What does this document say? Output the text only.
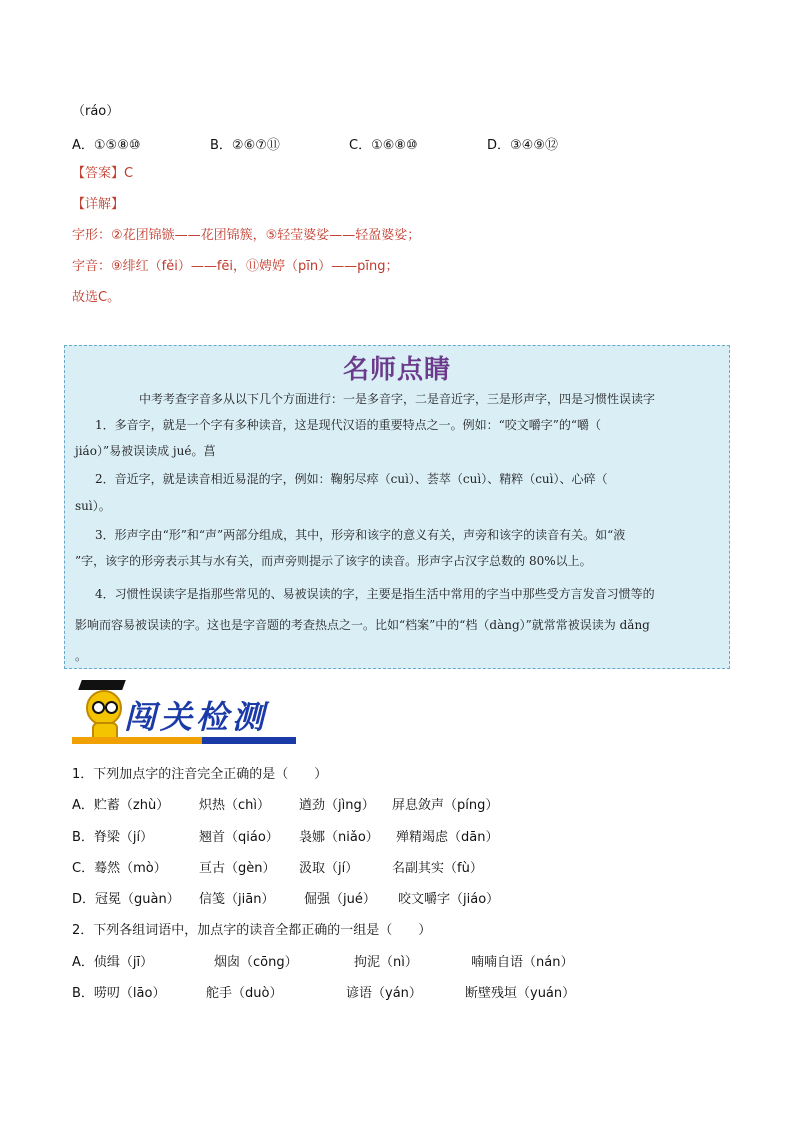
（ráo）
A．①⑤⑧⑩	B．②⑥⑦⑪	C．①⑥⑧⑩	D．③④⑨⑫
【答案】C
【详解】
字形：②花团锦镞——花团锦簇，⑤轻莹婆娑——轻盈婆娑；
字音：⑨绯红（fěi）——fēi，⑪娉婷（pīn）——pīng；
故选C。
名师点睛
中考考查字音多从以下几个方面进行：一是多音字，二是音近字，三是形声字，四是习惯性误读字
1．多音字，就是一个字有多种读音，这是现代汉语的重要特点之一。例如：“咬文嚼字”的“嚼（
jiáo）”易被误读成 jué。菖
2．音近字，就是读音相近易混的字，例如：鞠躬尽瘁（cuì）、荟萃（cuì）、精粹（cuì）、心碎（
suì）。
3．形声字由“形”和“声”两部分组成，其中，形旁和该字的意义有关，声旁和该字的读音有关。如“液
”字，该字的形旁表示其与水有关，而声旁则提示了该字的读音。形声字占汉字总数的 80%以上。
4．习惯性误读字是指那些常见的、易被误读的字，主要是指生活中常用的字当中那些受方言发音习惯等的
影响而容易被误读的字。这也是字音题的考查热点之一。比如“档案”中的“档（dàng）”就常常被误读为 dǎng
。
闯关检测
1．下列加点字的注音完全正确的是（　　）
A．贮蓄（zhù） 炽热（chì） 遒劲（jìng） 屏息敛声（píng）
B．脊梁（jí）	翘首（qiáo） 袅娜（niǎo） 殚精竭虑（dān）
C．蓦然（mò） 亘古（gèn） 汲取（jí）	名副其实（fù）
D．冠冕（guàn） 信笺（jiān） 倔强（jué） 咬文嚼字（jiáo）
2．下列各组词语中，加点字的读音全都正确的一组是（　　）
A．侦缉（jī）	烟囱（cōng）	拘泥（nì）	喃喃自语（nán）
B．唠叨（lāo）	舵手（duò）	谚语（yán）	断壁残垣（yuán）
